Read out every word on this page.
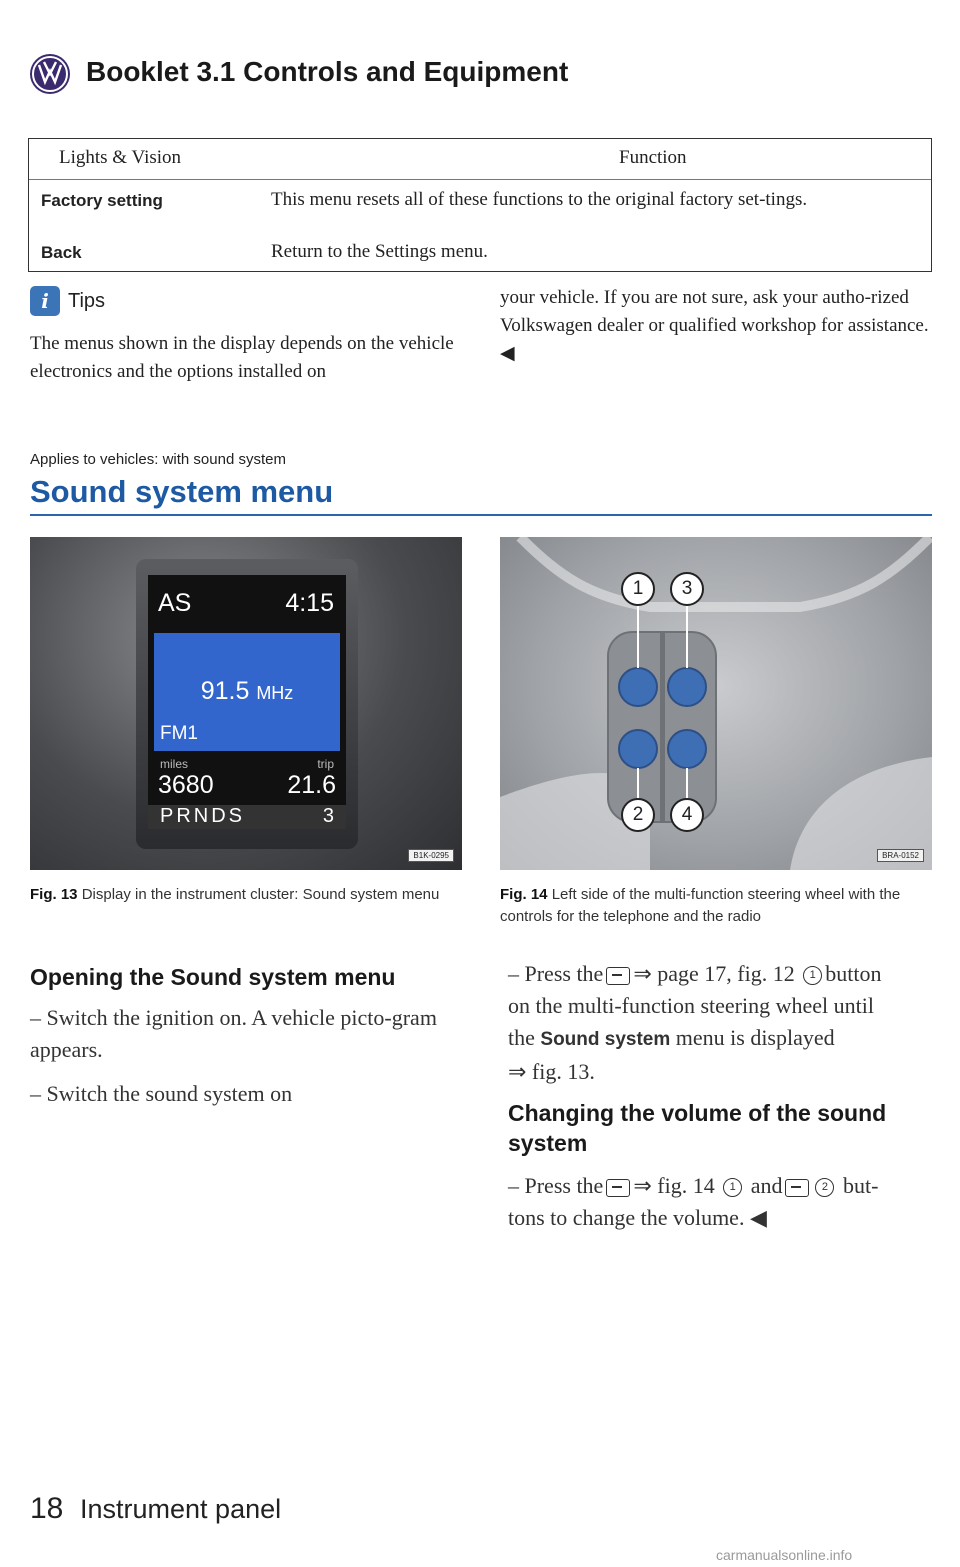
Booklet 3.1 Controls and Equipment
Lights & Vision	Function
Factory setting	This menu resets all of these functions to the original factory set-tings.
Back	Return to the Settings menu.
i Tips
The menus shown in the display depends on the vehicle electronics and the options installed on
your vehicle. If you are not sure, ask your autho-rized Volkswagen dealer or qualified workshop for assistance. ◀
Applies to vehicles: with sound system
Sound system menu
AS	4:15
91.5 MHz
FM1
miles	trip
3680	21.6
PRNDS	3
B1K-0295
Fig. 13 Display in the instrument cluster: Sound system menu
1
2
3
4
BRA-0152
Fig. 14 Left side of the multi-function steering wheel with the controls for the telephone and the radio
Opening the Sound system menu
– Switch the ignition on. A vehicle picto-gram appears.
– Switch the sound system on
– Press the ⇒ page 17, fig. 12 1 button
on the multi-function steering wheel until
the Sound system menu is displayed
⇒ fig. 13.
Changing the volume of the sound system
– Press the ⇒ fig. 14 1 and	2 but-
tons to change the volume. ◀
18 Instrument panel
carmanualsonline.info
